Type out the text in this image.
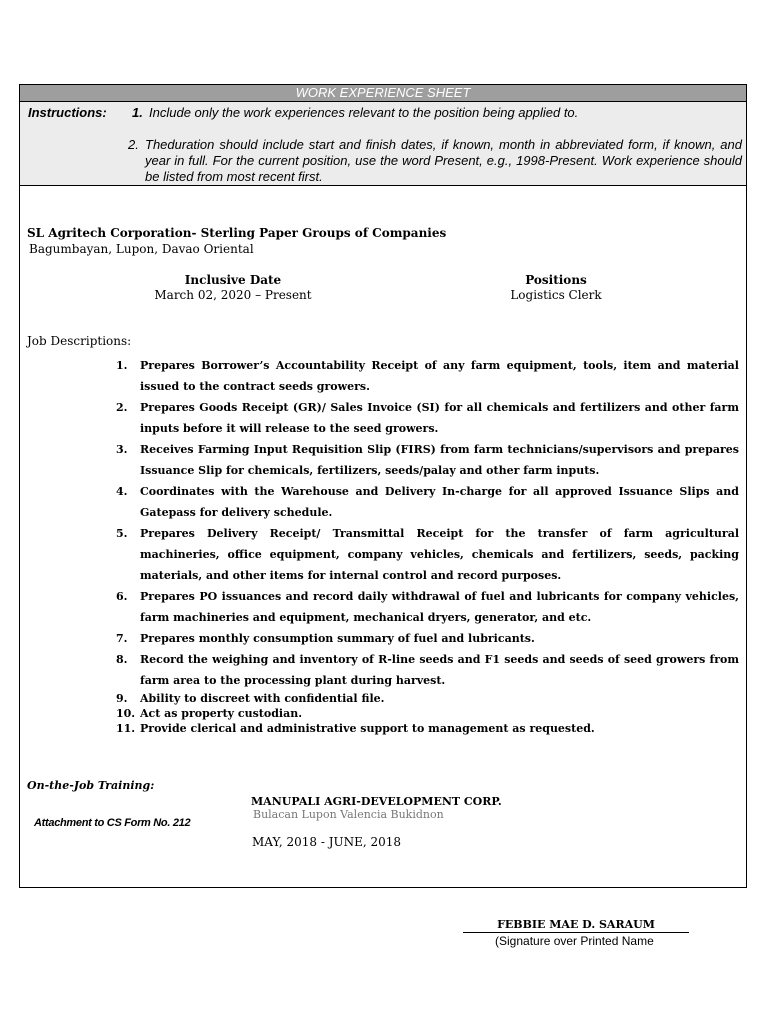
WORK EXPERIENCE SHEET
Instructions: 1. Include only the work experiences relevant to the position being applied to.
2. Theduration should include start and finish dates, if known, month in abbreviated form, if known, and year in full. For the current position, use the word Present, e.g., 1998-Present. Work experience should be listed from most recent first.
SL Agritech Corporation- Sterling Paper Groups of Companies
Bagumbayan, Lupon, Davao Oriental
Inclusive Date
March 02, 2020 – Present
Positions
Logistics Clerk
Job Descriptions:
1. Prepares Borrower’s Accountability Receipt of any farm equipment, tools, item and material issued to the contract seeds growers.
2. Prepares Goods Receipt (GR)/ Sales Invoice (SI) for all chemicals and fertilizers and other farm inputs before it will release to the seed growers.
3. Receives Farming Input Requisition Slip (FIRS) from farm technicians/supervisors and prepares Issuance Slip for chemicals, fertilizers, seeds/palay and other farm inputs.
4. Coordinates with the Warehouse and Delivery In-charge for all approved Issuance Slips and Gatepass for delivery schedule.
5. Prepares Delivery Receipt/ Transmittal Receipt for the transfer of farm agricultural machineries, office equipment, company vehicles, chemicals and fertilizers, seeds, packing materials, and other items for internal control and record purposes.
6. Prepares PO issuances and record daily withdrawal of fuel and lubricants for company vehicles, farm machineries and equipment, mechanical dryers, generator, and etc.
7. Prepares monthly consumption summary of fuel and lubricants.
8. Record the weighing and inventory of R-line seeds and F1 seeds and seeds of seed growers from farm area to the processing plant during harvest.
9. Ability to discreet with confidential file.
10. Act as property custodian.
11. Provide clerical and administrative support to management as requested.
On-the-Job Training:
MANUPALI AGRI-DEVELOPMENT CORP.
Bulacan Lupon Valencia Bukidnon
Attachment to CS Form No. 212
MAY, 2018 - JUNE, 2018
FEBBIE MAE D. SARAUM
(Signature over Printed Name
